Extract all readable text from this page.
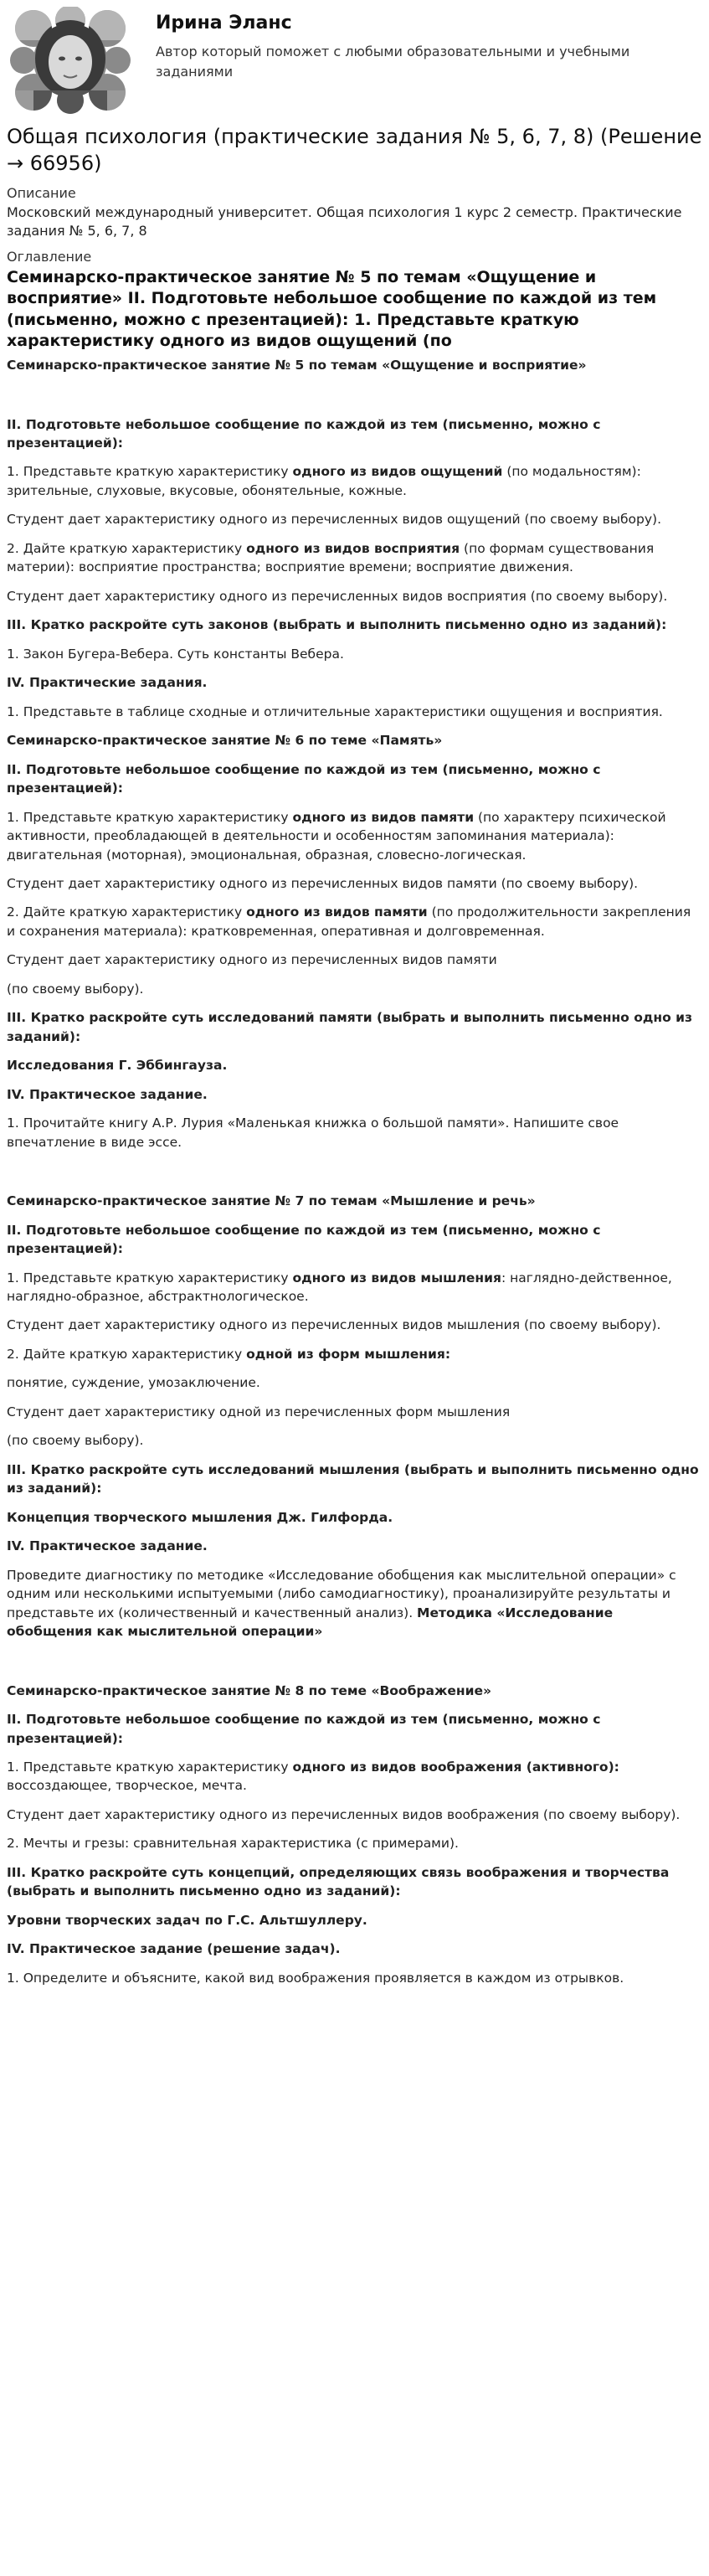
Ирина Эланс
Автор который поможет с любыми образовательными и учебными заданиями
Общая психология (практические задания № 5, 6, 7, 8) (Решение → 66956)

Описание

Московский международный университет. Общая психология 1 курс 2 семестр. Практические задания № 5, 6, 7, 8

Оглавление

Семинарско-практическое занятие № 5 по темам «Ощущение и восприятие» II. Подготовьте небольшое сообщение по каждой из тем (письменно, можно с презентацией): 1. Представьте краткую характеристику одного из видов ощущений (по

Семинарско-практическое занятие № 5 по темам «Ощущение и восприятие»

II. Подготовьте небольшое сообщение по каждой из тем (письменно, можно с презентацией):

1. Представьте краткую характеристику одного из видов ощущений (по модальностям): зрительные, слуховые, вкусовые, обонятельные, кожные.

Студент дает характеристику одного из перечисленных видов ощущений (по своему выбору).

2. Дайте краткую характеристику одного из видов восприятия (по формам существования материи): восприятие пространства; восприятие времени; восприятие движения.

Студент дает характеристику одного из перечисленных видов восприятия (по своему выбору).

III. Кратко раскройте суть законов (выбрать и выполнить письменно одно из заданий):

1. Закон Бугера-Вебера. Суть константы Вебера.

IV. Практические задания.

1. Представьте в таблице сходные и отличительные характеристики ощущения и восприятия.

Семинарско-практическое занятие № 6 по теме «Память»

II. Подготовьте небольшое сообщение по каждой из тем (письменно, можно с презентацией):

1. Представьте краткую характеристику одного из видов памяти (по характеру психической активности, преобладающей в деятельности и особенностям запоминания материала): двигательная (моторная), эмоциональная, образная, словесно-логическая.

Студент дает характеристику одного из перечисленных видов памяти (по своему выбору).

2. Дайте краткую характеристику одного из видов памяти (по продолжительности закрепления и сохранения материала): кратковременная, оперативная и долговременная.

Студент дает характеристику одного из перечисленных видов памяти

(по своему выбору).

III. Кратко раскройте суть исследований памяти (выбрать и выполнить письменно одно из заданий):

Исследования Г. Эббингауза.

IV. Практическое задание.

1. Прочитайте книгу А.Р. Лурия «Маленькая книжка о большой памяти». Напишите свое впечатление в виде эссе.

Семинарско-практическое занятие № 7 по темам «Мышление и речь»

II. Подготовьте небольшое сообщение по каждой из тем (письменно, можно с презентацией):

1. Представьте краткую характеристику одного из видов мышления: наглядно-действенное, наглядно-образное, абстрактнологическое.

Студент дает характеристику одного из перечисленных видов мышления (по своему выбору).

2. Дайте краткую характеристику одной из форм мышления:

понятие, суждение, умозаключение.

Студент дает характеристику одной из перечисленных форм мышления

(по своему выбору).

III. Кратко раскройте суть исследований мышления (выбрать и выполнить письменно одно из заданий):

Концепция творческого мышления Дж. Гилфорда.

IV. Практическое задание.

Проведите диагностику по методике «Исследование обобщения как мыслительной операции» с одним или несколькими испытуемыми (либо самодиагностику), проанализируйте результаты и представьте их (количественный и качественный анализ). Методика «Исследование обобщения как мыслительной операции»

Семинарско-практическое занятие № 8 по теме «Воображение»

II. Подготовьте небольшое сообщение по каждой из тем (письменно, можно с презентацией):

1. Представьте краткую характеристику одного из видов воображения (активного): воссоздающее, творческое, мечта.

Студент дает характеристику одного из перечисленных видов воображения (по своему выбору).

2. Мечты и грезы: сравнительная характеристика (с примерами).

III. Кратко раскройте суть концепций, определяющих связь воображения и творчества (выбрать и выполнить письменно одно из заданий):

Уровни творческих задач по Г.С. Альтшуллеру.

IV. Практическое задание (решение задач).

1. Определите и объясните, какой вид воображения проявляется в каждом из отрывков.
